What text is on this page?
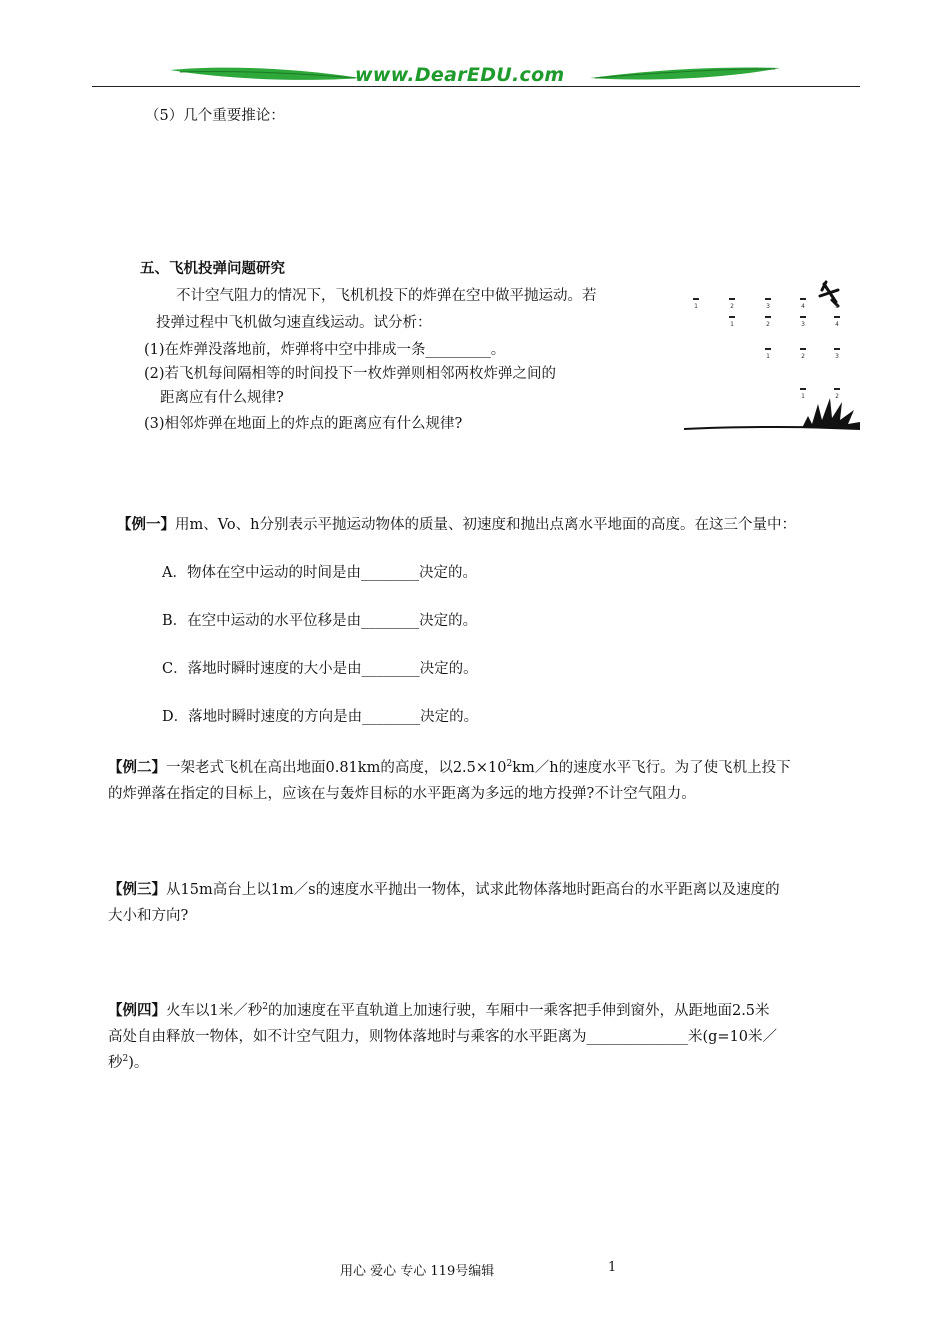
www.DearEDU.com
（5）几个重要推论：
五、飞机投弹问题研究
不计空气阻力的情况下，飞机机投下的炸弹在空中做平抛运动。若
投弹过程中飞机做匀速直线运动。试分析：
(1)在炸弹没落地前，炸弹将中空中排成一条_________。
(2)若飞机每间隔相等的时间投下一枚炸弹则相邻两枚炸弹之间的
距离应有什么规律?
(3)相邻炸弹在地面上的炸点的距离应有什么规律?
1	2	3	4	5
1	2	3	4
1	2	3
1	2
【例一】用m、Vo、h分别表示平抛运动物体的质量、初速度和抛出点离水平地面的高度。在这三个量中：
A．物体在空中运动的时间是由________决定的。
B．在空中运动的水平位移是由________决定的。
C．落地时瞬时速度的大小是由________决定的。
D．落地时瞬时速度的方向是由________决定的。
【例二】一架老式飞机在高出地面0.81km的高度，以$2.5\times 10^2km/h$的速度水平飞行。为了使飞机上投下
的炸弹落在指定的目标上，应该在与轰炸目标的水平距离为多远的地方投弹?不计空气阻力。
【例三】从15m高台上以1m／s的速度水平抛出一物体，试求此物体落地时距高台的水平距离以及速度的
大小和方向?
【例四】火车以1米／秒$^2$的加速度在平直轨道上加速行驶，车厢中一乘客把手伸到窗外，从距地面2.5米
高处自由释放一物体，如不计空气阻力，则物体落地时与乘客的水平距离为______________米(g=10米／
秒$^2$)。
用心 爱心 专心 119号编辑	1
